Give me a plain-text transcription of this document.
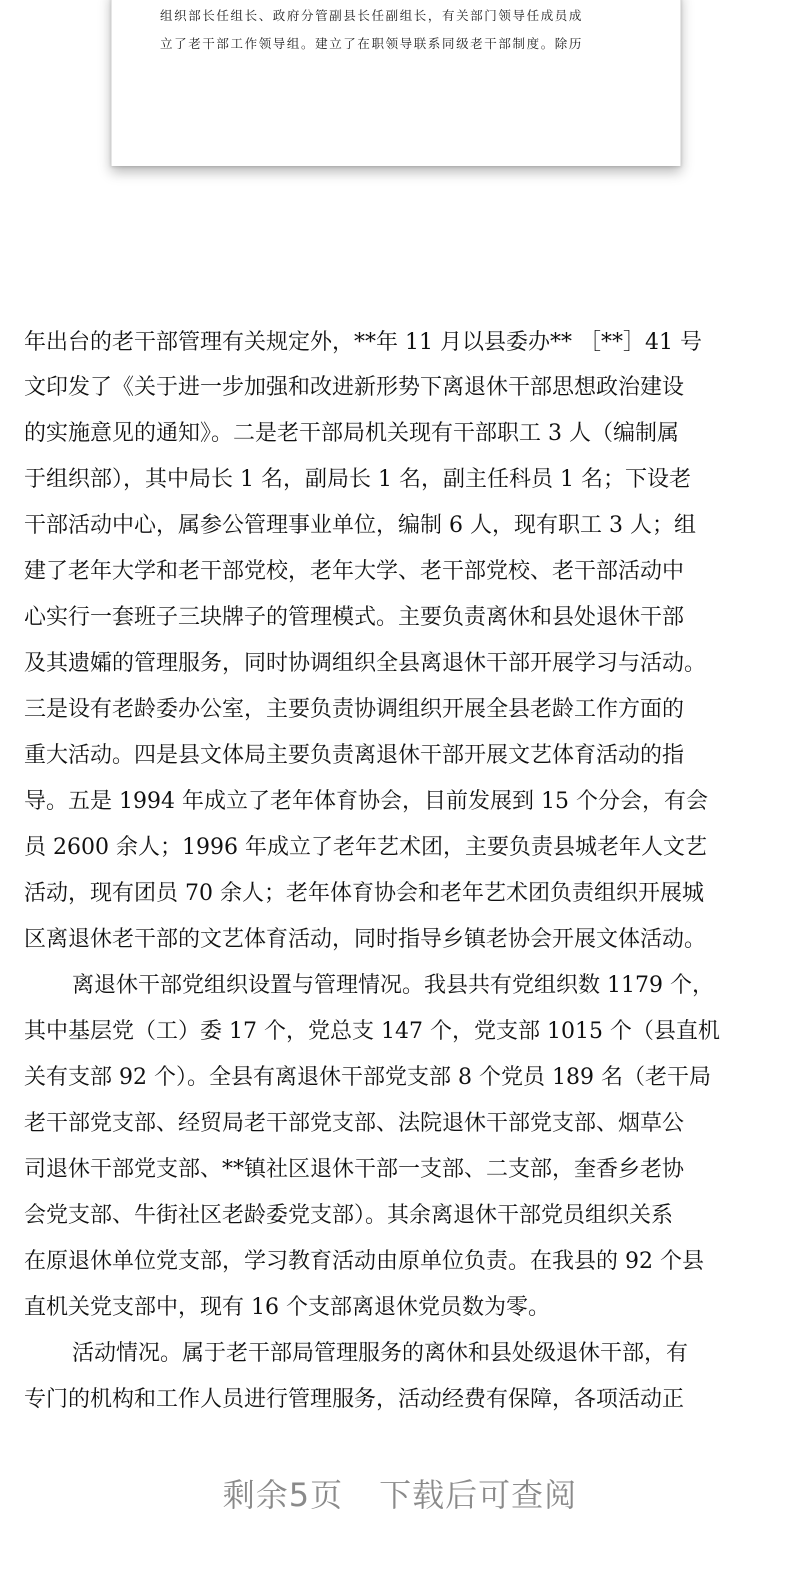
组织部长任组长、政府分管副县长任副组长，有关部门领导任成员成
立了老干部工作领导组。建立了在职领导联系同级老干部制度。除历
年出台的老干部管理有关规定外，**年 11 月以县委办** ［**］41 号
文印发了《关于进一步加强和改进新形势下离退休干部思想政治建设
的实施意见的通知》。二是老干部局机关现有干部职工 3 人（编制属
于组织部），其中局长 1 名，副局长 1 名，副主任科员 1 名；下设老
干部活动中心，属参公管理事业单位，编制 6 人，现有职工 3 人；组
建了老年大学和老干部党校，老年大学、老干部党校、老干部活动中
心实行一套班子三块牌子的管理模式。主要负责离休和县处退休干部
及其遗孀的管理服务，同时协调组织全县离退休干部开展学习与活动。
三是设有老龄委办公室，主要负责协调组织开展全县老龄工作方面的
重大活动。四是县文体局主要负责离退休干部开展文艺体育活动的指
导。五是 1994 年成立了老年体育协会，目前发展到 15 个分会，有会
员 2600 余人；1996 年成立了老年艺术团，主要负责县城老年人文艺
活动，现有团员 70 余人；老年体育协会和老年艺术团负责组织开展城
区离退休老干部的文艺体育活动，同时指导乡镇老协会开展文体活动。
离退休干部党组织设置与管理情况。我县共有党组织数 1179 个，
其中基层党（工）委 17 个，党总支 147 个，党支部 1015 个（县直机
关有支部 92 个）。全县有离退休干部党支部 8 个党员 189 名（老干局
老干部党支部、经贸局老干部党支部、法院退休干部党支部、烟草公
司退休干部党支部、**镇社区退休干部一支部、二支部，奎香乡老协
会党支部、牛街社区老龄委党支部）。其余离退休干部党员组织关系
在原退休单位党支部，学习教育活动由原单位负责。在我县的 92 个县
直机关党支部中，现有 16 个支部离退休党员数为零。
活动情况。属于老干部局管理服务的离休和县处级退休干部，有
专门的机构和工作人员进行管理服务，活动经费有保障，各项活动正
剩余5页 下载后可查阅
